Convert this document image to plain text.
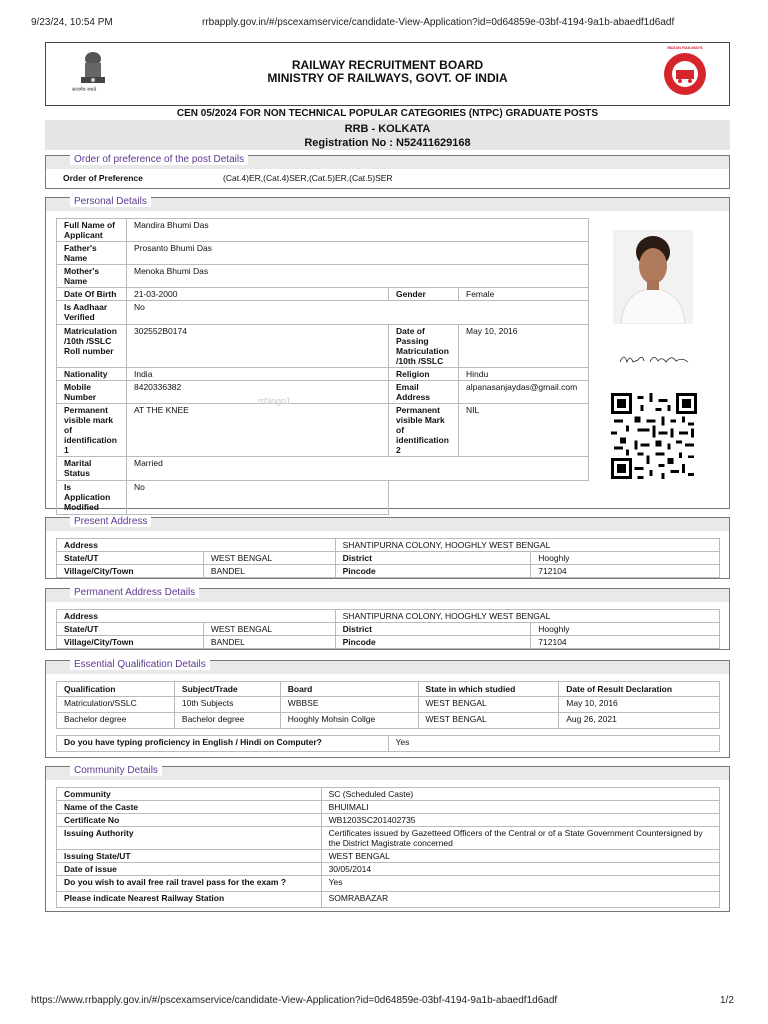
9/23/24, 10:54 PM	rrbapply.gov.in/#/pscexamservice/candidate-View-Application?id=0d64859e-03bf-4194-9a1b-abaedf1d6adf
सत्यमेव जयते
RAILWAY RECRUITMENT BOARD
MINISTRY OF RAILWAYS, GOVT. OF INDIA
INDIAN RAILWAYS
CEN 05/2024 FOR NON TECHNICAL POPULAR CATEGORIES (NTPC) GRADUATE POSTS
RRB - KOLKATA
Registration No : N52411629168
Order of preference of the post Details
Order of Preference	(Cat.4)ER,(Cat.4)SER,(Cat.5)ER,(Cat.5)SER
Personal Details
Full Name of Applicant	Mandira Bhumi Das		
Father's Name	Prosanto Bhumi Das		
Mother's Name	Menoka Bhumi Das		
Date Of Birth	21-03-2000	Gender	Female
Is Aadhaar Verified	No		
Matriculation /10th /SSLC Roll number	302552B0174	Date of Passing Matriculation /10th /SSLC	May 10, 2016
Nationality	India	Religion	Hindu
Mobile Number	8420336382	Email Address	alpanasanjaydas@gmail.com
Permanent visible mark of identification 1	AT THE KNEE	Permanent visible Mark of identification 2	NIL
Marital Status	Married		
Is Application Modified	No		
rrblogo1
Mandira Bhumida
Present Address
Address		SHANTIPURNA COLONY, HOOGHLY WEST BENGAL	
State/UT	WEST BENGAL	District	Hooghly
Village/City/Town	BANDEL	Pincode	712104
Permanent Address Details
Address		SHANTIPURNA COLONY, HOOGHLY WEST BENGAL	
State/UT	WEST BENGAL	District	Hooghly
Village/City/Town	BANDEL	Pincode	712104
Essential Qualification Details
Qualification	Subject/Trade	Board	State in which studied	Date of Result Declaration
Matriculation/SSLC	10th Subjects	WBBSE	WEST BENGAL	May 10, 2016
Bachelor degree	Bachelor degree	Hooghly Mohsin Collge	WEST BENGAL	Aug 26, 2021
Do you have typing proficiency in English / Hindi on Computer?	Yes
Community Details
Community	SC (Scheduled Caste)
Name of the Caste	BHUIMALI
Certificate No	WB1203SC201402735
Issuing Authority	Certificates issued by Gazetteed Officers of the Central or of a State Government Countersigned by the District Magistrate concerned
Issuing State/UT	WEST BENGAL
Date of issue	30/05/2014
Do you wish to avail free rail travel pass for the exam ?	Yes
Please indicate Nearest Railway Station	SOMRABAZAR
https://www.rrbapply.gov.in/#/pscexamservice/candidate-View-Application?id=0d64859e-03bf-4194-9a1b-abaedf1d6adf	1/2
